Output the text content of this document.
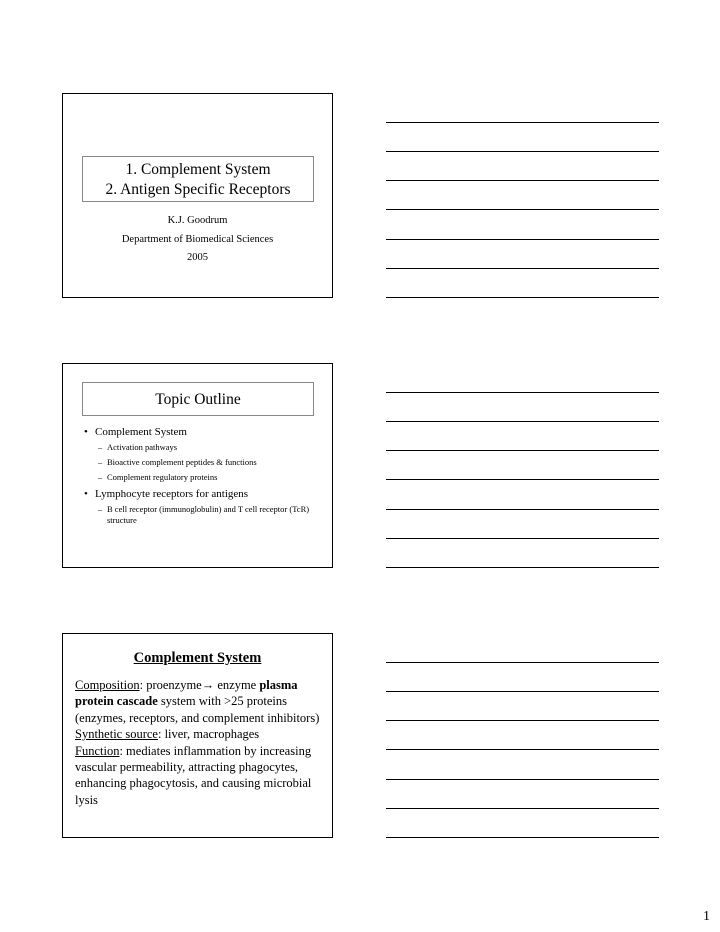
1. Complement System
2. Antigen Specific Receptors
K.J. Goodrum
Department of Biomedical Sciences
2005
Topic Outline
• Complement System
– Activation pathways
– Bioactive complement peptides & functions
– Complement regulatory proteins
• Lymphocyte receptors for antigens
– B cell receptor (immunoglobulin) and T cell receptor (TcR) structure
Complement System
Composition: proenzyme→ enzyme plasma protein cascade system with >25 proteins (enzymes, receptors, and complement inhibitors)
Synthetic source: liver, macrophages
Function: mediates inflammation by increasing vascular permeability, attracting phagocytes, enhancing phagocytosis, and causing microbial lysis
1
